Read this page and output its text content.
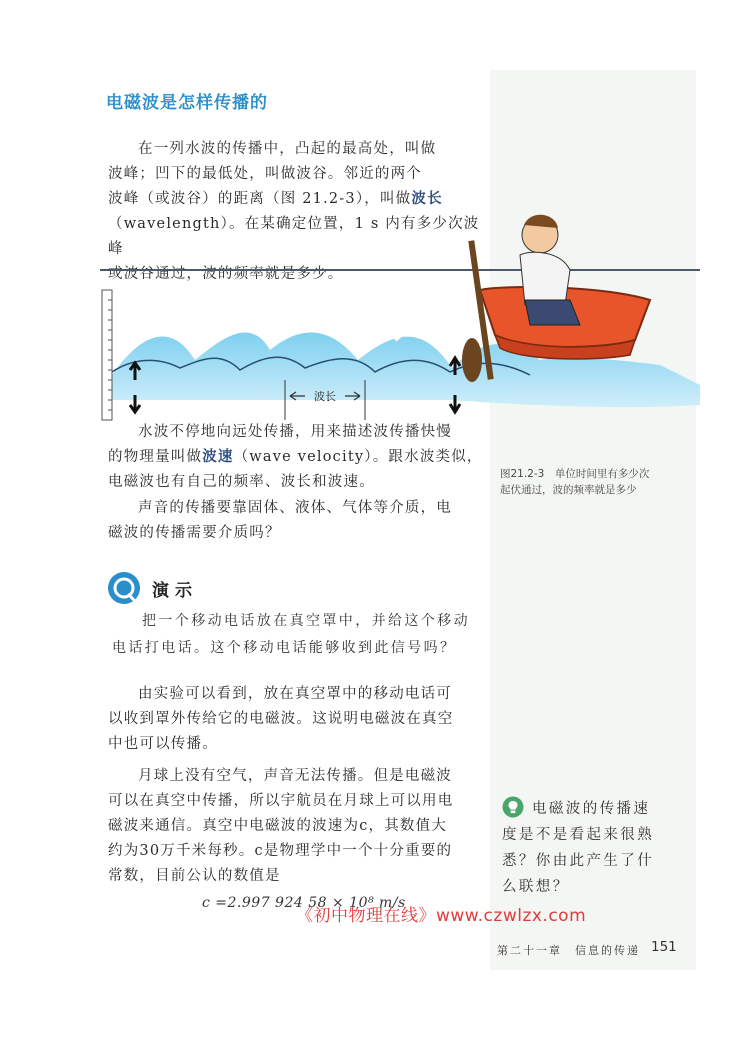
电磁波是怎样传播的

在一列水波的传播中，凸起的最高处，叫做

波峰；凹下的最低处，叫做波谷。邻近的两个

波峰（或波谷）的距离（图 21.2-3），叫做波长

（wavelength）。在某确定位置，1 s 内有多少次波峰

或波谷通过，波的频率就是多少。

波长

水波不停地向远处传播，用来描述波传播快慢

的物理量叫做波速（wave velocity）。跟水波类似，

电磁波也有自己的频率、波长和波速。	图21.2-3　单位时间里有多少次
起伏通过，波的频率就是多少

声音的传播要靠固体、液体、气体等介质，电

磁波的传播需要介质吗？

演示
把一个移动电话放在真空罩中，并给这个移动
电话打电话。这个移动电话能够收到此信号吗？

由实验可以看到，放在真空罩中的移动电话可

以收到罩外传给它的电磁波。这说明电磁波在真空

中也可以传播。

月球上没有空气，声音无法传播。但是电磁波

可以在真空中传播，所以宇航员在月球上可以用电

磁波来通信。真空中电磁波的波速为c，其数值大

约为30万千米每秒。c是物理学中一个十分重要的

常数，目前公认的数值是

c =2.997 924 58 × 10⁸ m/s
《初中物理在线》www.czwlzx.com
电磁波的传播速
度是不是看起来很熟
悉？你由此产生了什
么联想？
第二十一章　信息的传递 151
